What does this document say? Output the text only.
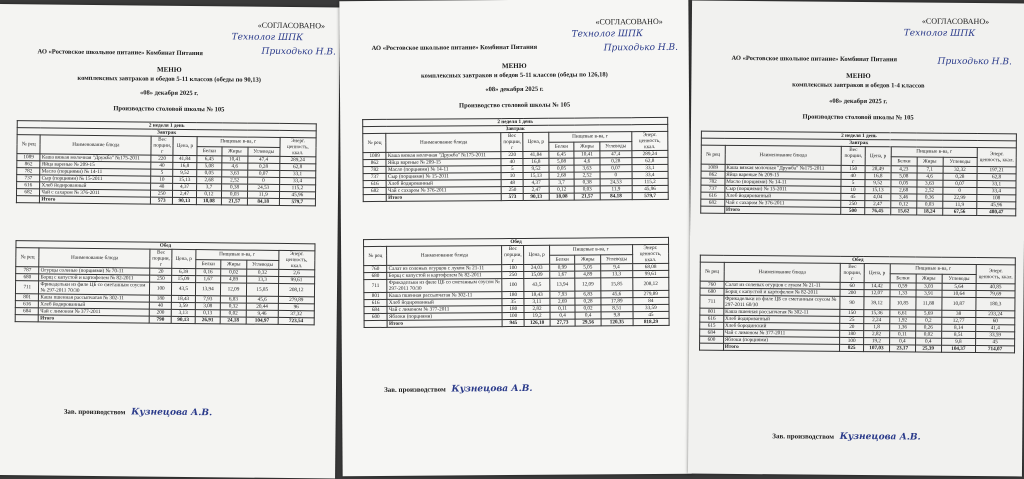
«СОГЛАСОВАНО»
Технолог ШПК
Приходько Н.В.
АО «Ростовское школьное питание» Комбинат Питания
МЕНЮ
комплексных завтраков и обедов 5-11 классов (обеды по 90,13)
«08» декабря 2025 г.
Производство столовой школы № 105
2 неделя 1 день							
Завтрак							
№ рец	Наименование блюда	Вес порции, г	Цена, р	Пищевые в-ва, г			Энерг. ценность, ккал.
				Белки	Жиры	Углеводы	
1089	Каша вязкая молочная "Дружба" №175-2011	220	41,84	6,45	10,41	47,4	289,24
862	Яйца вареные № 209-15	40	16,8	5,08	4,6	0,28	62,8
782	Масло (порциями) № 14-11	5	9,52	0,05	3,63	0,07	33,1
737	Сыр (порциями) № 15-2011	10	15,13	2,68	2,52	0	33,4
616	Хлеб йодированный	48	4,37	3,7	0,38	24,53	115,2
682	Чай с сахаром № 376-2011	250	2,47	0,12	0,03	11,9	45,96
	Итого	573	90,13	18,08	21,57	84,18	579,7
Обед							
№ рец	Наименование блюда	Вес порции, г	Цена, р	Пищевые в-ва, г			Энерг. ценность, ккал.
				Белки	Жиры	Углеводы	
787	Огурцы соленые (порциями) № 70-11	20	6,39	0,16	0,02	0,32	2,6
680	Борщ с капустой и картофелем № 82-2011	250	15,09	1,67	4,89	13,3	99,61
711	Фрикадельки из филе ЦБ со сметанным соусом № 297-2011 70/30	100	43,5	13,94	12,09	15,85	208,12
801	Каша пшенная рассыпчатая № 302-11	180	18,43	7,93	6,83	45,6	279,89
616	Хлеб йодированный	40	3,59	3,08	0,32	20,44	96
684	Чай с лимоном № 377-2011	200	3,13	0,13	0,02	9,46	37,32
	Итого	790	90,13	26,91	24,18	104,97	723,54
Зав. производством Кузнецова А.В.
«СОГЛАСОВАНО»
Технолог ШПК
Приходько Н.В.
АО «Ростовское школьное питание» Комбинат Питания
МЕНЮ
комплексных завтраков и обедов 5-11 классов (обеды по 126,18)
«08» декабря 2025 г.
Производство столовой школы № 105
2 неделя 1 день							
Завтрак							
№ рец	Наименование блюда	Вес порции, г	Цена, р	Пищевые в-ва, г			Энерг. ценность, ккал.
				Белки	Жиры	Углеводы	
1089	Каша вязкая молочная "Дружба" №175-2011	220	41,84	6,45	10,41	47,4	289,24
862	Яйца вареные № 209-15	40	16,8	5,08	4,6	0,28	62,8
782	Масло (порциями) № 14-11	5	9,52	0,05	3,63	0,07	33,1
737	Сыр (порциями) № 15-2011	10	15,13	2,68	2,52	0	33,4
616	Хлеб йодированный	48	4,37	3,7	0,38	24,53	115,2
682	Чай с сахаром № 376-2011	250	2,47	0,12	0,03	11,9	45,96
	Итого	573	90,13	18,08	21,57	84,18	579,7
Обед							
№ рец	Наименование блюда	Вес порции, г	Цена, р	Пищевые в-ва, г			Энерг. ценность, ккал.
				Белки	Жиры	Углеводы	
760	Салат из соленых огурцов с луком № 21-11	100	24,03	0,99	5,05	9,4	68,08
680	Борщ с капустой и картофелем № 82-2011	250	15,09	1,67	4,89	13,3	99,61
711	Фрикадельки из филе ЦБ со сметанным соусом № 297-2011 70/30	100	43,5	13,94	12,09	15,85	208,12
801	Каша пшенная рассыпчатая № 302-11	180	18,43	7,93	6,83	45,6	279,89
616	Хлеб йодированный	35	3,11	2,69	0,28	17,89	84
684	Чай с лимоном № 377-2011	180	2,82	0,11	0,02	8,51	33,59
600	Яблоки (порциями)	100	19,2	0,4	0,4	9,8	45
	Итого	945	126,18	27,73	29,56	120,35	818,29
Зав. производством Кузнецова А.В.
«СОГЛАСОВАНО»
Технолог ШПК
Приходько Н.В.
АО «Ростовское школьное питание» Комбинат Питания
МЕНЮ
комплексных завтраков и обедов 1-4 классов
«08» декабря 2025 г.
Производство столовой школы № 105
2 неделя 1 день							
Завтрак							
№ рец	Наименование блюда	Вес порции, г	Цена, р	Пищевые в-ва, г			Энерг. ценность, ккал.
				Белки	Жиры	Углеводы	
1089	Каша вязкая молочная "Дружба" №175-2011	150	28,49	4,23	7,1	32,32	197,21
862	Яйца вареные № 209-15	40	16,8	5,08	4,6	0,28	62,8
782	Масло (порциями) № 14-11	5	9,52	0,05	3,63	0,07	33,1
737	Сыр (порциями) № 15-2011	10	15,13	2,68	2,52	0	33,4
616	Хлеб йодированный	45	4,04	3,46	0,36	22,99	108
682	Чай с сахаром № 376-2011	250	2,47	0,12	0,03	11,9	45,96
	Итого	500	76,45	15,62	18,24	67,56	480,47
Обед							
№ рец	Наименование блюда	Вес порции, г	Цена, р	Пищевые в-ва, г			Энерг. ценность, ккал.
				Белки	Жиры	Углеводы	
760	Салат из соленых огурцов с луком № 21-11	60	14,42	0,59	3,03	5,64	40,85
680	Борщ с капустой и картофелем № 82-2011	200	12,07	1,33	3,91	10,64	79,69
711	Фрикадельки из филе ЦБ со сметанным соусом № 297-2011 60/30	90	39,12	10,85	11,88	10,87	180,3
801	Каша пшенная рассыпчатая № 302-11	150	15,36	6,61	5,69	38	233,24
616	Хлеб йодированный	25	2,24	1,92	0,2	12,77	60
615	Хлеб бородинский	20	1,8	1,36	0,26	8,14	41,4
684	Чай с лимоном № 377-2011	180	2,82	0,11	0,02	8,51	33,59
600	Яблоки (порциями)	100	19,2	0,4	0,4	9,8	45
	Итого	825	107,03	23,17	25,39	104,37	714,07
Зав. производством Кузнецова А.В.
